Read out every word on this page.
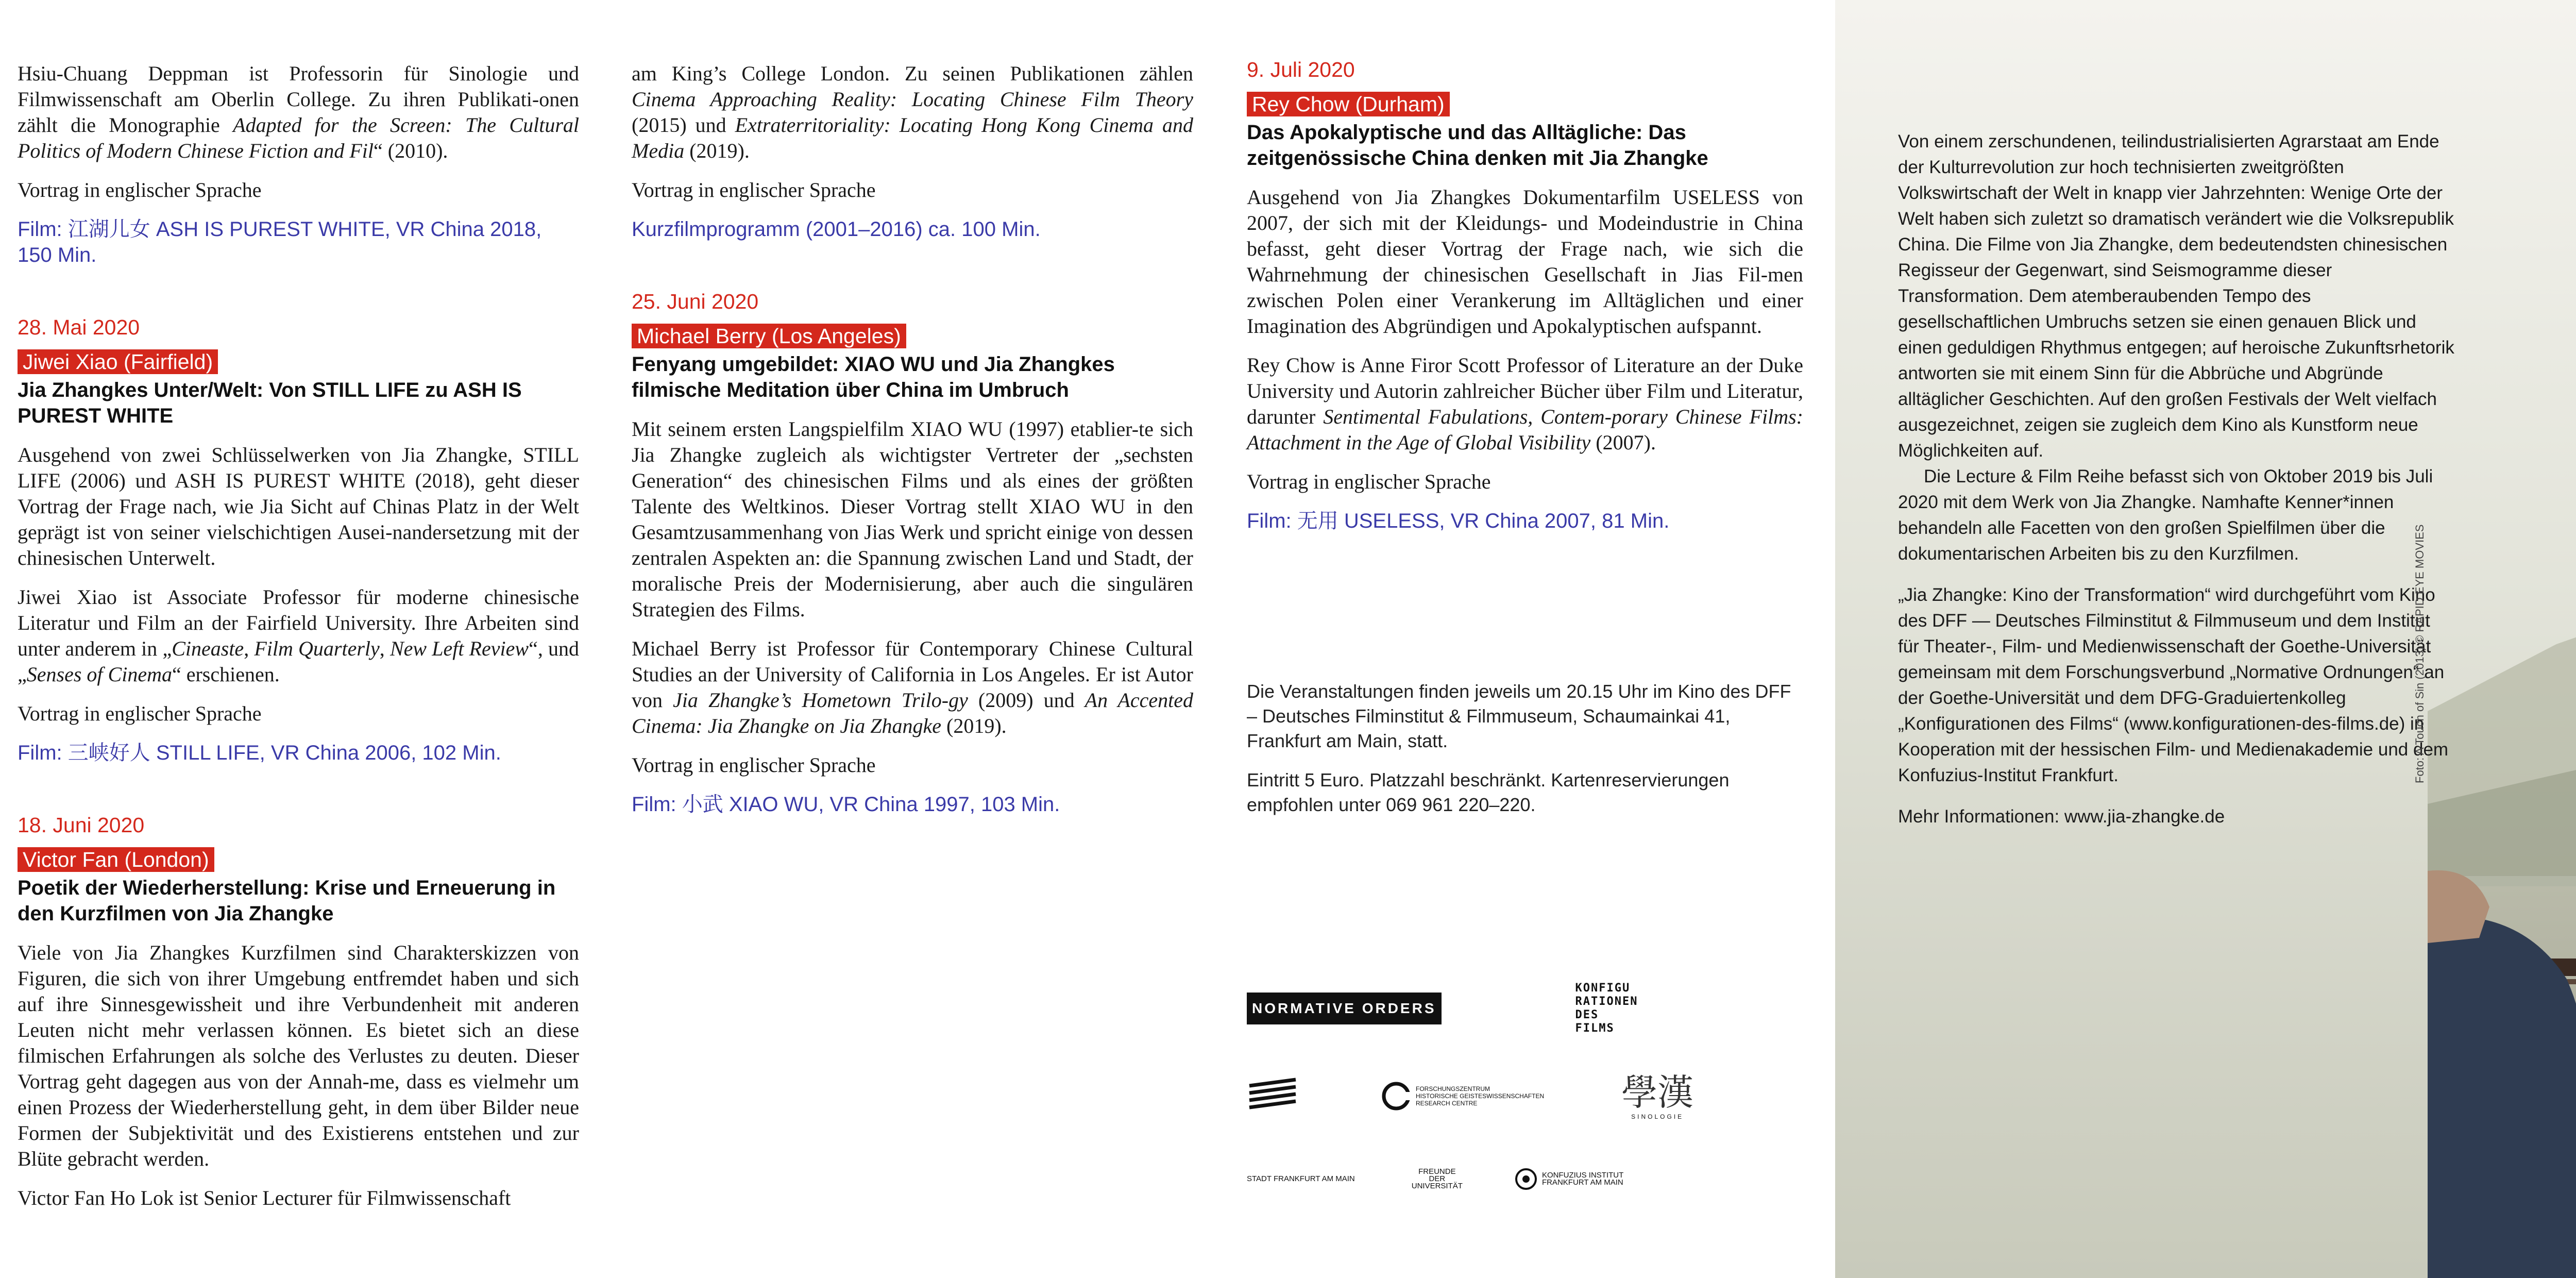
Hsiu-Chuang Deppman ist Professorin für Sinologie und Filmwissenschaft am Oberlin College. Zu ihren Publikati-onen zählt die Monographie Adapted for the Screen: The Cultural Politics of Modern Chinese Fiction and Fil“ (2010).

Vortrag in englischer Sprache

Film: 江湖儿女 ASH IS PUREST WHITE, VR China 2018, 150 Min.

28. Mai 2020
Jiwei Xiao (Fairfield)
Jia Zhangkes Unter/Welt: Von STILL LIFE zu ASH IS PUREST WHITE

Ausgehend von zwei Schlüsselwerken von Jia Zhangke, STILL LIFE (2006) und ASH IS PUREST WHITE (2018), geht dieser Vortrag der Frage nach, wie Jia Sicht auf Chinas Platz in der Welt geprägt ist von seiner vielschichtigen Ausei-nandersetzung mit der chinesischen Unterwelt.

Jiwei Xiao ist Associate Professor für moderne chinesische Literatur und Film an der Fairfield University. Ihre Arbeiten sind unter anderem in „Cineaste, Film Quarterly, New Left Review“, und „Senses of Cinema“ erschienen.

Vortrag in englischer Sprache

Film: 三峡好人 STILL LIFE, VR China 2006, 102 Min.

18. Juni 2020
Victor Fan (London)
Poetik der Wiederherstellung: Krise und Erneuerung in den Kurzfilmen von Jia Zhangke

Viele von Jia Zhangkes Kurzfilmen sind Charakterskizzen von Figuren, die sich von ihrer Umgebung entfremdet haben und sich auf ihre Sinnesgewissheit und ihre Verbundenheit mit anderen Leuten nicht mehr verlassen können. Es bietet sich an diese filmischen Erfahrungen als solche des Verlustes zu deuten. Dieser Vortrag geht dagegen aus von der Annah-me, dass es vielmehr um einen Prozess der Wiederherstellung geht, in dem über Bilder neue Formen der Subjektivität und des Existierens entstehen und zur Blüte gebracht werden.

Victor Fan Ho Lok ist Senior Lecturer für Filmwissenschaft

am King’s College London. Zu seinen Publikationen zählen Cinema Approaching Reality: Locating Chinese Film Theory (2015) und Extraterritoriality: Locating Hong Kong Cinema and Media (2019).

Vortrag in englischer Sprache

Kurzfilmprogramm (2001–2016) ca. 100 Min.

25. Juni 2020
Michael Berry (Los Angeles)
Fenyang umgebildet: XIAO WU und Jia Zhangkes filmische Meditation über China im Umbruch

Mit seinem ersten Langspielfilm XIAO WU (1997) etablier-te sich Jia Zhangke zugleich als wichtigster Vertreter der „sechsten Generation“ des chinesischen Films und als eines der größten Talente des Weltkinos. Dieser Vortrag stellt XIAO WU in den Gesamtzusammenhang von Jias Werk und spricht einige von dessen zentralen Aspekten an: die Spannung zwischen Land und Stadt, der moralische Preis der Modernisierung, aber auch die singulären Strategien des Films.

Michael Berry ist Professor für Contemporary Chinese Cultural Studies an der University of California in Los Angeles. Er ist Autor von Jia Zhangke’s Hometown Trilo-gy (2009) und An Accented Cinema: Jia Zhangke on Jia Zhangke (2019).

Vortrag in englischer Sprache

Film: 小武 XIAO WU, VR China 1997, 103 Min.

9. Juli 2020
Rey Chow (Durham)
Das Apokalyptische und das Alltägliche: Das zeitgenössische China denken mit Jia Zhangke

Ausgehend von Jia Zhangkes Dokumentarfilm USELESS von 2007, der sich mit der Kleidungs- und Modeindustrie in China befasst, geht dieser Vortrag der Frage nach, wie sich die Wahrnehmung der chinesischen Gesellschaft in Jias Fil-men zwischen Polen einer Verankerung im Alltäglichen und einer Imagination des Abgründigen und Apokalyptischen aufspannt.

Rey Chow is Anne Firor Scott Professor of Literature an der Duke University und Autorin zahlreicher Bücher über Film und Literatur, darunter Sentimental Fabulations, Contem-porary Chinese Films: Attachment in the Age of Global Visibility (2007).

Vortrag in englischer Sprache

Film: 无用 USELESS, VR China 2007, 81 Min.

Die Veranstaltungen finden jeweils um 20.15 Uhr im Kino des DFF – Deutsches Filminstitut & Filmmuseum, Schaumainkai 41, Frankfurt am Main, statt.

Eintritt 5 Euro. Platzzahl beschränkt. Kartenreservierungen empfohlen unter 069 961 220–220.

NORMATIVE ORDERS
KONFIGU
RATIONEN
DES
FILMS
FORSCHUNGSZENTRUM
HISTORISCHE GEISTESWISSENSCHAFTEN
RESEARCH CENTRE	學漢
SINOLOGIE
STADT FRANKFURT AM MAIN
FREUNDE
DER
UNIVERSITÄT
KONFUZIUS INSTITUT
FRANKFURT AM MAIN

Von einem zerschundenen, teilindustrialisierten Agrarstaat am Ende der Kulturrevolution zur hoch technisierten zweitgrößten Volkswirtschaft der Welt in knapp vier Jahrzehnten: Wenige Orte der Welt haben sich zuletzt so dramatisch verändert wie die Volksrepublik China. Die Filme von Jia Zhangke, dem bedeutendsten chinesischen Regisseur der Gegenwart, sind Seismogramme dieser Transformation. Dem atemberaubenden Tempo des gesellschaftlichen Umbruchs setzen sie einen genauen Blick und einen geduldigen Rhythmus entgegen; auf heroische Zukunftsrhetorik antworten sie mit einem Sinn für die Abbrüche und Abgründe alltäglicher Geschichten. Auf den großen Festivals der Welt vielfach ausgezeichnet, zeigen sie zugleich dem Kino als Kunstform neue Möglichkeiten auf.

Die Lecture & Film Reihe befasst sich von Oktober 2019 bis Juli 2020 mit dem Werk von Jia Zhangke. Namhafte Kenner*innen behandeln alle Facetten von den großen Spielfilmen über die dokumentarischen Arbeiten bis zu den Kurzfilmen.

„Jia Zhangke: Kino der Transformation“ wird durchgeführt vom Kino des DFF — Deutsches Filminstitut & Filmmuseum und dem Institut für Theater-, Film- und Medienwissenschaft der Goethe-Universität gemeinsam mit dem Forschungsverbund „Normative Ordnungen“ an der Goethe-Universität und dem DFG-Graduiertenkolleg „Konfigurationen des Films“ (www.konfigurationen-des-films.de) in Kooperation mit der hessischen Film- und Medienakademie und dem Konfuzius-Institut Frankfurt.

Mehr Informationen: www.jia-zhangke.de

Foto: A Touch of Sin (2013) © RAPID EYE MOVIES
